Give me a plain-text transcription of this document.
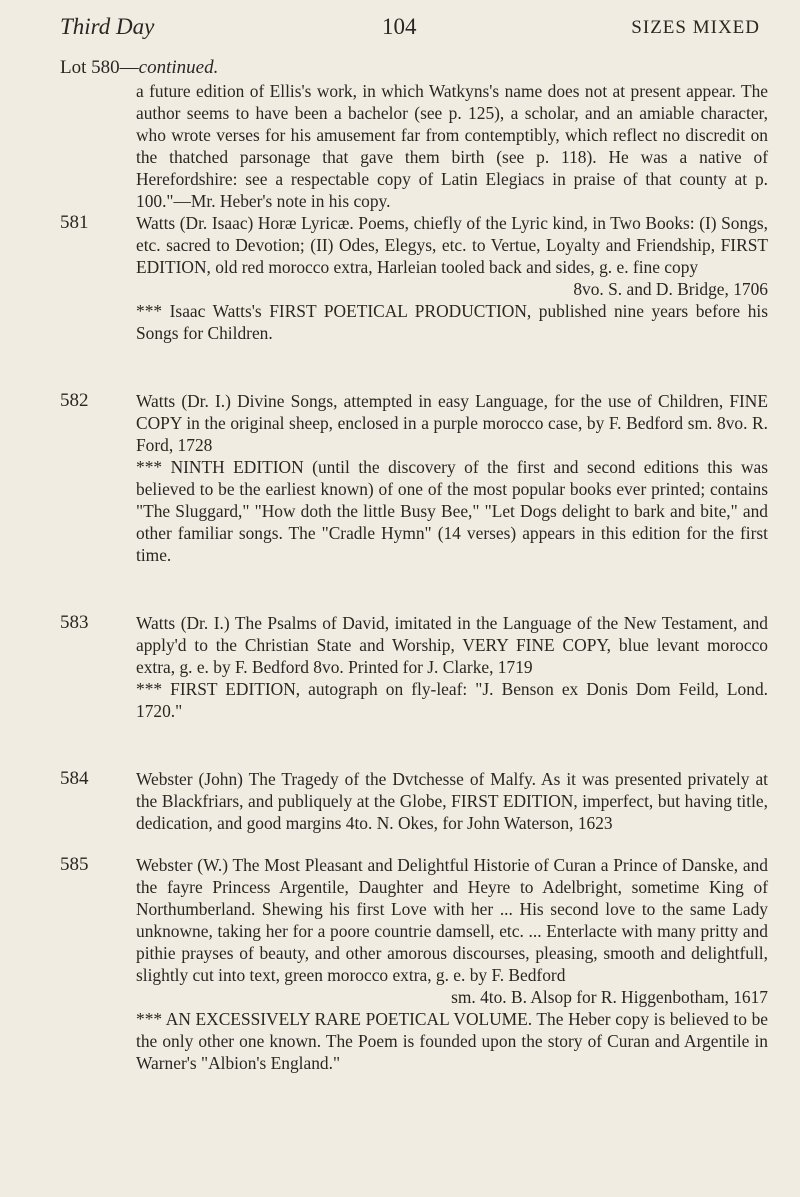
Third Day	104	SIZES MIXED
Lot 580—continued.

a future edition of Ellis's work, in which Watkyns's name does not at present appear. The author seems to have been a bachelor (see p. 125), a scholar, and an amiable character, who wrote verses for his amusement far from contemptibly, which reflect no discredit on the thatched parsonage that gave them birth (see p. 118). He was a native of Herefordshire: see a respectable copy of Latin Elegiacs in praise of that county at p. 100."—Mr. Heber's note in his copy.

581	Watts (Dr. Isaac) Horæ Lyricæ. Poems, chiefly of the Lyric kind, in Two Books: (I) Songs, etc. sacred to Devotion; (II) Odes, Elegys, etc. to Vertue, Loyalty and Friendship, FIRST EDITION, old red morocco extra, Harleian tooled back and sides, g. e. fine copy

8vo. S. and D. Bridge, 1706

*** Isaac Watts's FIRST POETICAL PRODUCTION, published nine years before his Songs for Children.

582	Watts (Dr. I.) Divine Songs, attempted in easy Language, for the use of Children, FINE COPY in the original sheep, enclosed in a purple morocco case, by F. Bedford sm. 8vo. R. Ford, 1728

*** NINTH EDITION (until the discovery of the first and second editions this was believed to be the earliest known) of one of the most popular books ever printed; contains "The Sluggard," "How doth the little Busy Bee," "Let Dogs delight to bark and bite," and other familiar songs. The "Cradle Hymn" (14 verses) appears in this edition for the first time.

583	Watts (Dr. I.) The Psalms of David, imitated in the Language of the New Testament, and apply'd to the Christian State and Worship, VERY FINE COPY, blue levant morocco extra, g. e. by F. Bedford 8vo. Printed for J. Clarke, 1719

*** FIRST EDITION, autograph on fly-leaf: "J. Benson ex Donis Dom Feild, Lond. 1720."

584	Webster (John) The Tragedy of the Dvtchesse of Malfy. As it was presented privately at the Blackfriars, and publiquely at the Globe, FIRST EDITION, imperfect, but having title, dedication, and good margins 4to. N. Okes, for John Waterson, 1623

585	Webster (W.) The Most Pleasant and Delightful Historie of Curan a Prince of Danske, and the fayre Princess Argentile, Daughter and Heyre to Adelbright, sometime King of Northumberland. Shewing his first Love with her ... His second love to the same Lady unknowne, taking her for a poore countrie damsell, etc. ... Enterlacte with many pritty and pithie prayses of beauty, and other amorous discourses, pleasing, smooth and delightfull, slightly cut into text, green morocco extra, g. e. by F. Bedford

sm. 4to. B. Alsop for R. Higgenbotham, 1617

*** AN EXCESSIVELY RARE POETICAL VOLUME. The Heber copy is believed to be the only other one known. The Poem is founded upon the story of Curan and Argentile in Warner's "Albion's England."
